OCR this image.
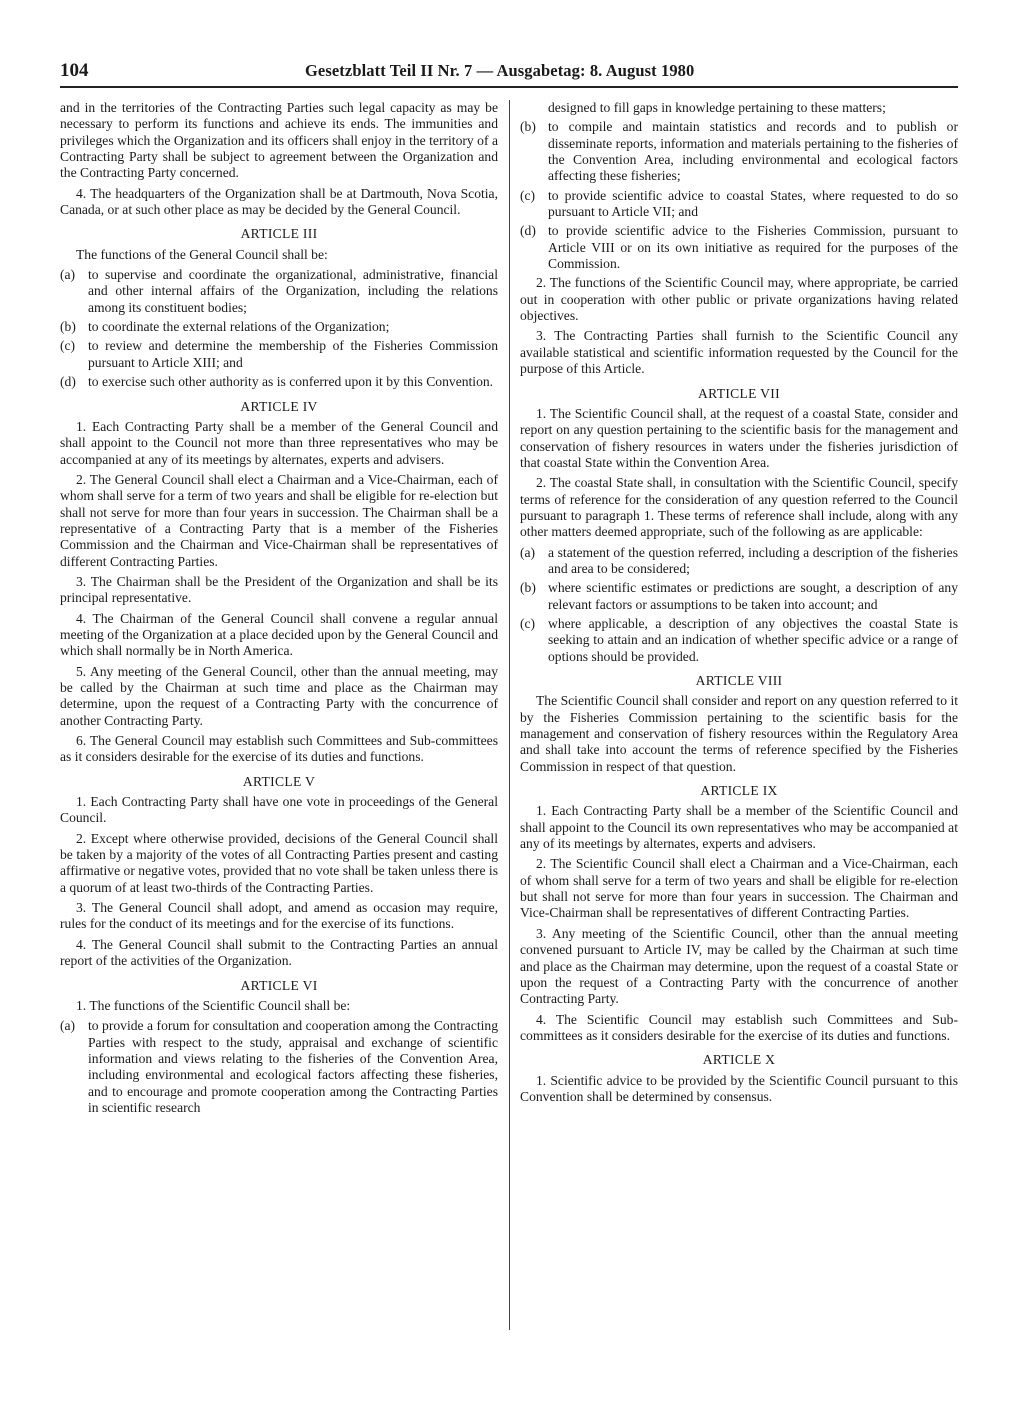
104	Gesetzblatt Teil II Nr. 7 — Ausgabetag: 8. August 1980

and in the territories of the Contracting Parties such legal capacity as may be necessary to perform its functions and achieve its ends. The immunities and privileges which the Organization and its officers shall enjoy in the territory of a Contracting Party shall be subject to agreement between the Organization and the Contracting Party concerned.

4. The headquarters of the Organization shall be at Dartmouth, Nova Scotia, Canada, or at such other place as may be decided by the General Council.

ARTICLE III

The functions of the General Council shall be:

(a) to supervise and coordinate the organizational, administrative, financial and other internal affairs of the Organization, including the relations among its constituent bodies;
(b) to coordinate the external relations of the Organization;
(c) to review and determine the membership of the Fisheries Commission pursuant to Article XIII; and
(d) to exercise such other authority as is conferred upon it by this Convention.
ARTICLE IV

1. Each Contracting Party shall be a member of the General Council and shall appoint to the Council not more than three representatives who may be accompanied at any of its meetings by alternates, experts and advisers.

2. The General Council shall elect a Chairman and a Vice-Chairman, each of whom shall serve for a term of two years and shall be eligible for re-election but shall not serve for more than four years in succession. The Chairman shall be a representative of a Contracting Party that is a member of the Fisheries Commission and the Chairman and Vice-Chairman shall be representatives of different Contracting Parties.

3. The Chairman shall be the President of the Organization and shall be its principal representative.

4. The Chairman of the General Council shall convene a regular annual meeting of the Organization at a place decided upon by the General Council and which shall normally be in North America.

5. Any meeting of the General Council, other than the annual meeting, may be called by the Chairman at such time and place as the Chairman may determine, upon the request of a Contracting Party with the concurrence of another Contracting Party.

6. The General Council may establish such Committees and Sub-committees as it considers desirable for the exercise of its duties and functions.

ARTICLE V

1. Each Contracting Party shall have one vote in proceedings of the General Council.

2. Except where otherwise provided, decisions of the General Council shall be taken by a majority of the votes of all Contracting Parties present and casting affirmative or negative votes, provided that no vote shall be taken unless there is a quorum of at least two-thirds of the Contracting Parties.

3. The General Council shall adopt, and amend as occasion may require, rules for the conduct of its meetings and for the exercise of its functions.

4. The General Council shall submit to the Contracting Parties an annual report of the activities of the Organization.

ARTICLE VI

1. The functions of the Scientific Council shall be:

(a) to provide a forum for consultation and cooperation among the Contracting Parties with respect to the study, appraisal and exchange of scientific information and views relating to the fisheries of the Convention Area, including environmental and ecological factors affecting these fisheries, and to encourage and promote cooperation among the Contracting Parties in scientific research
designed to fill gaps in knowledge pertaining to these matters;
(b) to compile and maintain statistics and records and to publish or disseminate reports, information and materials pertaining to the fisheries of the Convention Area, including environmental and ecological factors affecting these fisheries;
(c) to provide scientific advice to coastal States, where requested to do so pursuant to Article VII; and
(d) to provide scientific advice to the Fisheries Commission, pursuant to Article VIII or on its own initiative as required for the purposes of the Commission.

2. The functions of the Scientific Council may, where appropriate, be carried out in cooperation with other public or private organizations having related objectives.

3. The Contracting Parties shall furnish to the Scientific Council any available statistical and scientific information requested by the Council for the purpose of this Article.

ARTICLE VII

1. The Scientific Council shall, at the request of a coastal State, consider and report on any question pertaining to the scientific basis for the management and conservation of fishery resources in waters under the fisheries jurisdiction of that coastal State within the Convention Area.

2. The coastal State shall, in consultation with the Scientific Council, specify terms of reference for the consideration of any question referred to the Council pursuant to paragraph 1. These terms of reference shall include, along with any other matters deemed appropriate, such of the following as are applicable:

(a) a statement of the question referred, including a description of the fisheries and area to be considered;
(b) where scientific estimates or predictions are sought, a description of any relevant factors or assumptions to be taken into account; and
(c) where applicable, a description of any objectives the coastal State is seeking to attain and an indication of whether specific advice or a range of options should be provided.
ARTICLE VIII

The Scientific Council shall consider and report on any question referred to it by the Fisheries Commission pertaining to the scientific basis for the management and conservation of fishery resources within the Regulatory Area and shall take into account the terms of reference specified by the Fisheries Commission in respect of that question.

ARTICLE IX

1. Each Contracting Party shall be a member of the Scientific Council and shall appoint to the Council its own representatives who may be accompanied at any of its meetings by alternates, experts and advisers.

2. The Scientific Council shall elect a Chairman and a Vice-Chairman, each of whom shall serve for a term of two years and shall be eligible for re-election but shall not serve for more than four years in succession. The Chairman and Vice-Chairman shall be representatives of different Contracting Parties.

3. Any meeting of the Scientific Council, other than the annual meeting convened pursuant to Article IV, may be called by the Chairman at such time and place as the Chairman may determine, upon the request of a coastal State or upon the request of a Contracting Party with the concurrence of another Contracting Party.

4. The Scientific Council may establish such Committees and Sub-committees as it considers desirable for the exercise of its duties and functions.

ARTICLE X

1. Scientific advice to be provided by the Scientific Council pursuant to this Convention shall be determined by consensus.
